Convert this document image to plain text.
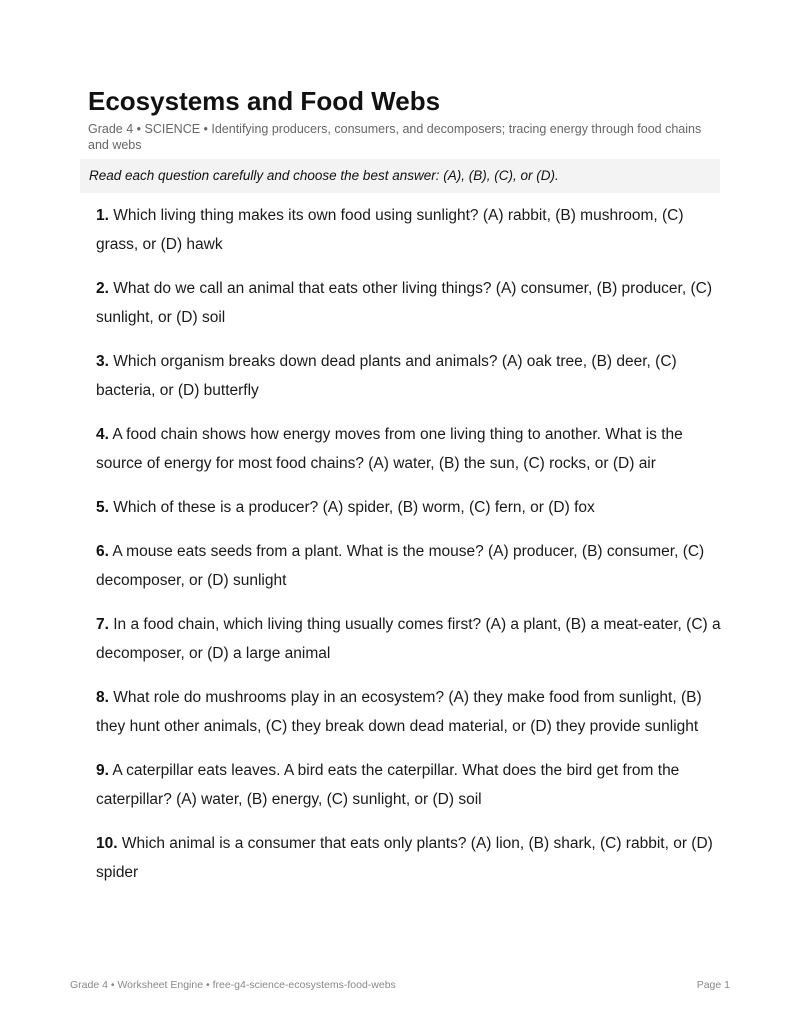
Ecosystems and Food Webs
Grade 4 • SCIENCE • Identifying producers, consumers, and decomposers; tracing energy through food chains and webs
Read each question carefully and choose the best answer: (A), (B), (C), or (D).
1. Which living thing makes its own food using sunlight? (A) rabbit, (B) mushroom, (C) grass, or (D) hawk
2. What do we call an animal that eats other living things? (A) consumer, (B) producer, (C) sunlight, or (D) soil
3. Which organism breaks down dead plants and animals? (A) oak tree, (B) deer, (C) bacteria, or (D) butterfly
4. A food chain shows how energy moves from one living thing to another. What is the source of energy for most food chains? (A) water, (B) the sun, (C) rocks, or (D) air
5. Which of these is a producer? (A) spider, (B) worm, (C) fern, or (D) fox
6. A mouse eats seeds from a plant. What is the mouse? (A) producer, (B) consumer, (C) decomposer, or (D) sunlight
7. In a food chain, which living thing usually comes first? (A) a plant, (B) a meat-eater, (C) a decomposer, or (D) a large animal
8. What role do mushrooms play in an ecosystem? (A) they make food from sunlight, (B) they hunt other animals, (C) they break down dead material, or (D) they provide sunlight
9. A caterpillar eats leaves. A bird eats the caterpillar. What does the bird get from the caterpillar? (A) water, (B) energy, (C) sunlight, or (D) soil
10. Which animal is a consumer that eats only plants? (A) lion, (B) shark, (C) rabbit, or (D) spider
Grade 4 • Worksheet Engine • free-g4-science-ecosystems-food-webs	Page 1
